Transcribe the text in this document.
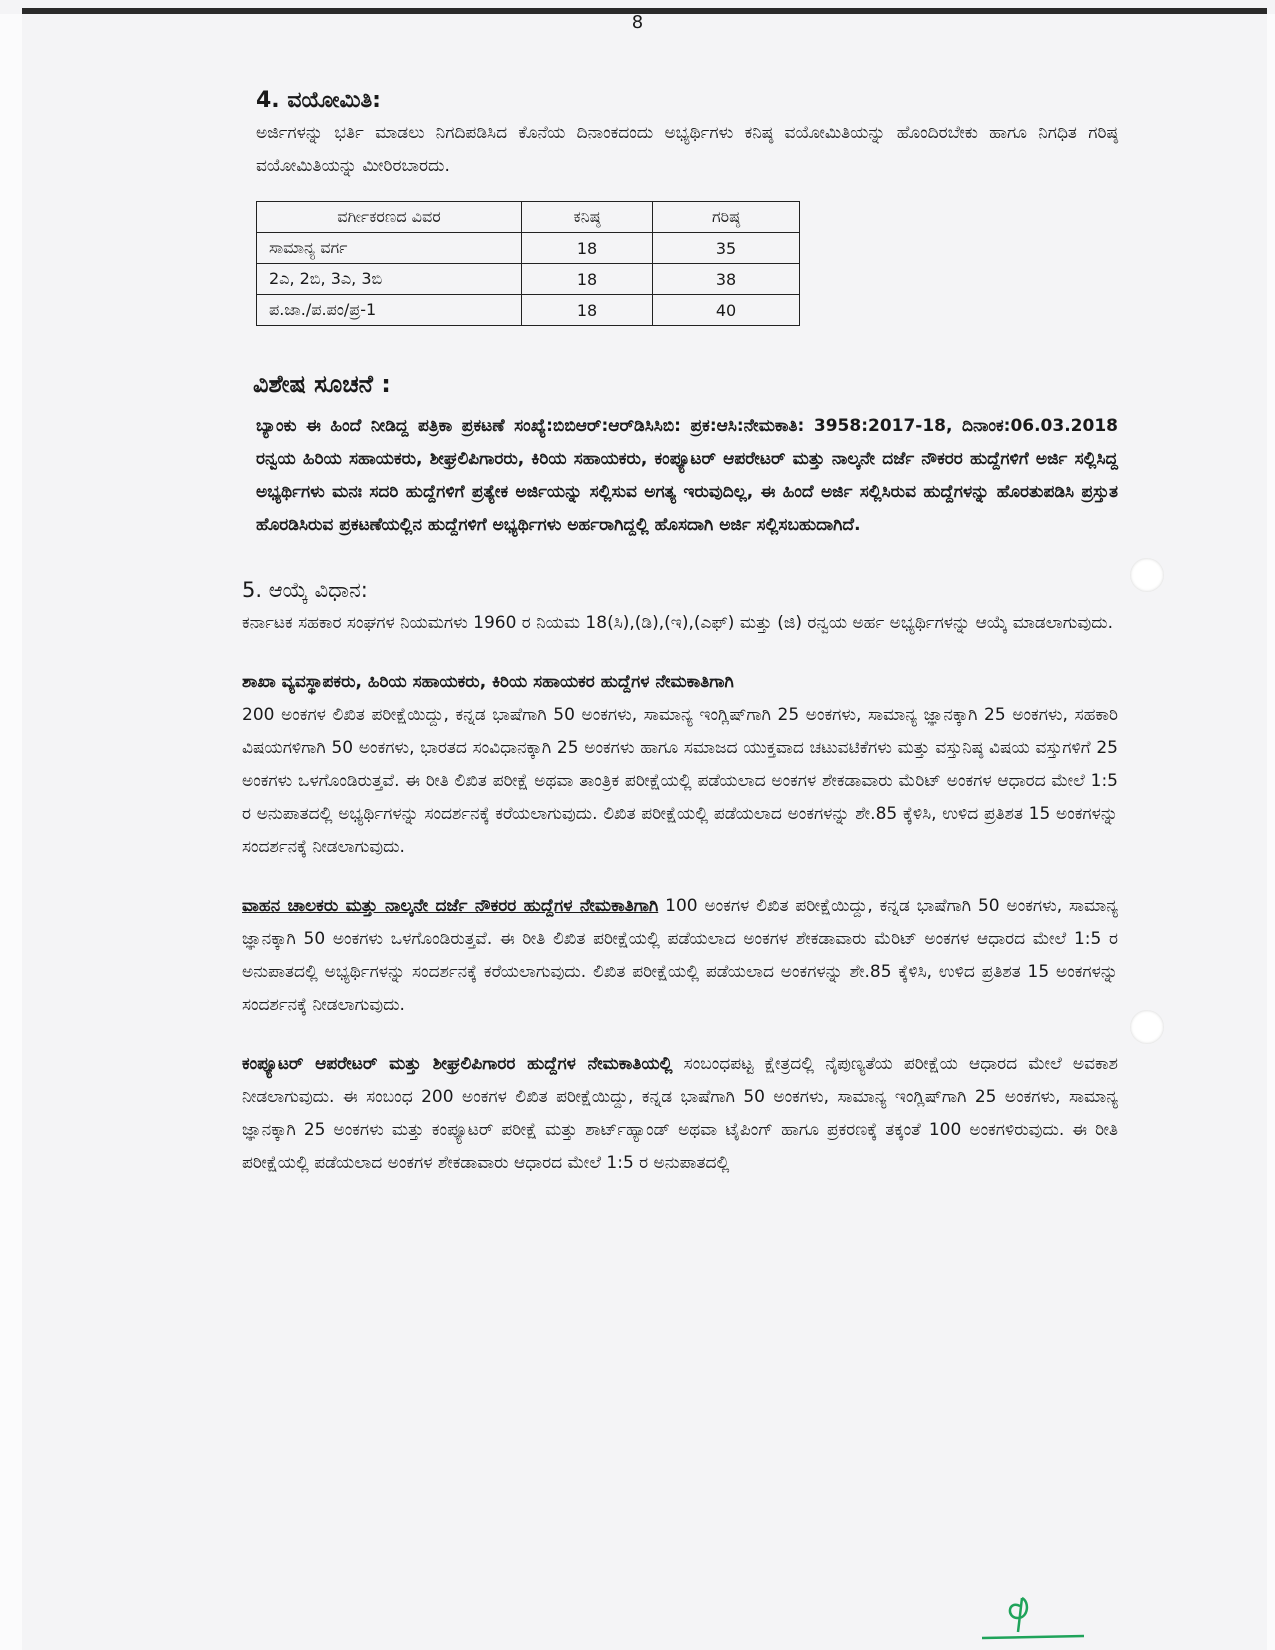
8
4. ವಯೋಮಿತಿ:

ಅರ್ಜಿಗಳನ್ನು ಭರ್ತಿ ಮಾಡಲು ನಿಗದಿಪಡಿಸಿದ ಕೊನೆಯ ದಿನಾಂಕದಂದು ಅಭ್ಯರ್ಥಿಗಳು ಕನಿಷ್ಠ ವಯೋಮಿತಿಯನ್ನು ಹೊಂದಿರಬೇಕು ಹಾಗೂ ನಿಗಧಿತ ಗರಿಷ್ಠ ವಯೋಮಿತಿಯನ್ನು ಮೀರಿರಬಾರದು.

ವರ್ಗೀಕರಣದ ವಿವರ	ಕನಿಷ್ಠ	ಗರಿಷ್ಠ
ಸಾಮಾನ್ಯ ವರ್ಗ	18	35
2ಎ, 2ಬಿ, 3ಎ, 3ಬಿ	18	38
ಪ.ಜಾ./ಪ.ಪಂ/ಪ್ರ-1	18	40
ವಿಶೇಷ ಸೂಚನೆ :

ಬ್ಯಾಂಕು ಈ ಹಿಂದೆ ನೀಡಿದ್ದ ಪತ್ರಿಕಾ ಪ್ರಕಟಣೆ ಸಂಖ್ಯೆ:ಬಿಬಿಆರ್:ಆರ್‌ಡಿಸಿಸಿಬಿ: ಪ್ರಕ:ಆಸಿ:ನೇಮಕಾತಿ: 3958:2017-18, ದಿನಾಂಕ:06.03.2018 ರನ್ವಯ ಹಿರಿಯ ಸಹಾಯಕರು, ಶೀಘ್ರಲಿಪಿಗಾರರು, ಕಿರಿಯ ಸಹಾಯಕರು, ಕಂಪ್ಯೂಟರ್ ಆಪರೇಟರ್ ಮತ್ತು ನಾಲ್ಕನೇ ದರ್ಜೆ ನೌಕರರ ಹುದ್ದೆಗಳಿಗೆ ಅರ್ಜಿ ಸಲ್ಲಿಸಿದ್ದ ಅಭ್ಯರ್ಥಿಗಳು ಮನಃ ಸದರಿ ಹುದ್ದೆಗಳಿಗೆ ಪ್ರತ್ಯೇಕ ಅರ್ಜಿಯನ್ನು ಸಲ್ಲಿಸುವ ಅಗತ್ಯ ಇರುವುದಿಲ್ಲ, ಈ ಹಿಂದೆ ಅರ್ಜಿ ಸಲ್ಲಿಸಿರುವ ಹುದ್ದೆಗಳನ್ನು ಹೊರತುಪಡಿಸಿ ಪ್ರಸ್ತುತ ಹೊರಡಿಸಿರುವ ಪ್ರಕಟಣೆಯಲ್ಲಿನ ಹುದ್ದೆಗಳಿಗೆ ಅಭ್ಯರ್ಥಿಗಳು ಅರ್ಹರಾಗಿದ್ದಲ್ಲಿ ಹೊಸದಾಗಿ ಅರ್ಜಿ ಸಲ್ಲಿಸಬಹುದಾಗಿದೆ.

5. ಆಯ್ಕೆ ವಿಧಾನ:

ಕರ್ನಾಟಕ ಸಹಕಾರ ಸಂಘಗಳ ನಿಯಮಗಳು 1960 ರ ನಿಯಮ 18(ಸಿ),(ಡಿ),(ಇ),(ಎಫ್) ಮತ್ತು (ಜಿ) ರನ್ವಯ ಅರ್ಹ ಅಭ್ಯರ್ಥಿಗಳನ್ನು ಆಯ್ಕೆ ಮಾಡಲಾಗುವುದು.

ಶಾಖಾ ವ್ಯವಸ್ಥಾಪಕರು, ಹಿರಿಯ ಸಹಾಯಕರು, ಕಿರಿಯ ಸಹಾಯಕರ ಹುದ್ದೆಗಳ ನೇಮಕಾತಿಗಾಗಿ

200 ಅಂಕಗಳ ಲಿಖಿತ ಪರೀಕ್ಷೆಯಿದ್ದು, ಕನ್ನಡ ಭಾಷೆಗಾಗಿ 50 ಅಂಕಗಳು, ಸಾಮಾನ್ಯ ಇಂಗ್ಲಿಷ್‌ಗಾಗಿ 25 ಅಂಕಗಳು, ಸಾಮಾನ್ಯ ಜ್ಞಾನಕ್ಕಾಗಿ 25 ಅಂಕಗಳು, ಸಹಕಾರಿ ವಿಷಯಗಳಿಗಾಗಿ 50 ಅಂಕಗಳು, ಭಾರತದ ಸಂವಿಧಾನಕ್ಕಾಗಿ 25 ಅಂಕಗಳು ಹಾಗೂ ಸಮಾಜದ ಯುಕ್ತವಾದ ಚಟುವಟಿಕೆಗಳು ಮತ್ತು ವಸ್ತುನಿಷ್ಠ ವಿಷಯ ವಸ್ತುಗಳಿಗೆ 25 ಅಂಕಗಳು ಒಳಗೊಂಡಿರುತ್ತವೆ. ಈ ರೀತಿ ಲಿಖಿತ ಪರೀಕ್ಷೆ ಅಥವಾ ತಾಂತ್ರಿಕ ಪರೀಕ್ಷೆಯಲ್ಲಿ ಪಡೆಯಲಾದ ಅಂಕಗಳ ಶೇಕಡಾವಾರು ಮೆರಿಟ್ ಅಂಕಗಳ ಆಧಾರದ ಮೇಲೆ 1:5 ರ ಅನುಪಾತದಲ್ಲಿ ಅಭ್ಯರ್ಥಿಗಳನ್ನು ಸಂದರ್ಶನಕ್ಕೆ ಕರೆಯಲಾಗುವುದು. ಲಿಖಿತ ಪರೀಕ್ಷೆಯಲ್ಲಿ ಪಡೆಯಲಾದ ಅಂಕಗಳನ್ನು ಶೇ.85 ಕ್ಕೆಳಿಸಿ, ಉಳಿದ ಪ್ರತಿಶತ 15 ಅಂಕಗಳನ್ನು ಸಂದರ್ಶನಕ್ಕೆ ನೀಡಲಾಗುವುದು.

ವಾಹನ ಚಾಲಕರು ಮತ್ತು ನಾಲ್ಕನೇ ದರ್ಜೆ ನೌಕರರ ಹುದ್ದೆಗಳ ನೇಮಕಾತಿಗಾಗಿ 100 ಅಂಕಗಳ ಲಿಖಿತ ಪರೀಕ್ಷೆಯಿದ್ದು, ಕನ್ನಡ ಭಾಷೆಗಾಗಿ 50 ಅಂಕಗಳು, ಸಾಮಾನ್ಯ ಜ್ಞಾನಕ್ಕಾಗಿ 50 ಅಂಕಗಳು ಒಳಗೊಂಡಿರುತ್ತವೆ. ಈ ರೀತಿ ಲಿಖಿತ ಪರೀಕ್ಷೆಯಲ್ಲಿ ಪಡೆಯಲಾದ ಅಂಕಗಳ ಶೇಕಡಾವಾರು ಮೆರಿಟ್ ಅಂಕಗಳ ಆಧಾರದ ಮೇಲೆ 1:5 ರ ಅನುಪಾತದಲ್ಲಿ ಅಭ್ಯರ್ಥಿಗಳನ್ನು ಸಂದರ್ಶನಕ್ಕೆ ಕರೆಯಲಾಗುವುದು. ಲಿಖಿತ ಪರೀಕ್ಷೆಯಲ್ಲಿ ಪಡೆಯಲಾದ ಅಂಕಗಳನ್ನು ಶೇ.85 ಕ್ಕೆಳಿಸಿ, ಉಳಿದ ಪ್ರತಿಶತ 15 ಅಂಕಗಳನ್ನು ಸಂದರ್ಶನಕ್ಕೆ ನೀಡಲಾಗುವುದು.

ಕಂಪ್ಯೂಟರ್ ಆಪರೇಟರ್ ಮತ್ತು ಶೀಘ್ರಲಿಪಿಗಾರರ ಹುದ್ದೆಗಳ ನೇಮಕಾತಿಯಲ್ಲಿ ಸಂಬಂಧಪಟ್ಟ ಕ್ಷೇತ್ರದಲ್ಲಿ ನೈಪುಣ್ಯತೆಯ ಪರೀಕ್ಷೆಯ ಆಧಾರದ ಮೇಲೆ ಅವಕಾಶ ನೀಡಲಾಗುವುದು. ಈ ಸಂಬಂಧ 200 ಅಂಕಗಳ ಲಿಖಿತ ಪರೀಕ್ಷೆಯಿದ್ದು, ಕನ್ನಡ ಭಾಷೆಗಾಗಿ 50 ಅಂಕಗಳು, ಸಾಮಾನ್ಯ ಇಂಗ್ಲಿಷ್‌ಗಾಗಿ 25 ಅಂಕಗಳು, ಸಾಮಾನ್ಯ ಜ್ಞಾನಕ್ಕಾಗಿ 25 ಅಂಕಗಳು ಮತ್ತು ಕಂಪ್ಯೂಟರ್ ಪರೀಕ್ಷೆ ಮತ್ತು ಶಾರ್ಟ್‌ಹ್ಯಾಂಡ್ ಅಥವಾ ಟೈಪಿಂಗ್ ಹಾಗೂ ಪ್ರಕರಣಕ್ಕೆ ತಕ್ಕಂತೆ 100 ಅಂಕಗಳಿರುವುದು. ಈ ರೀತಿ ಪರೀಕ್ಷೆಯಲ್ಲಿ ಪಡೆಯಲಾದ ಅಂಕಗಳ ಶೇಕಡಾವಾರು ಆಧಾರದ ಮೇಲೆ 1:5 ರ ಅನುಪಾತದಲ್ಲಿ
